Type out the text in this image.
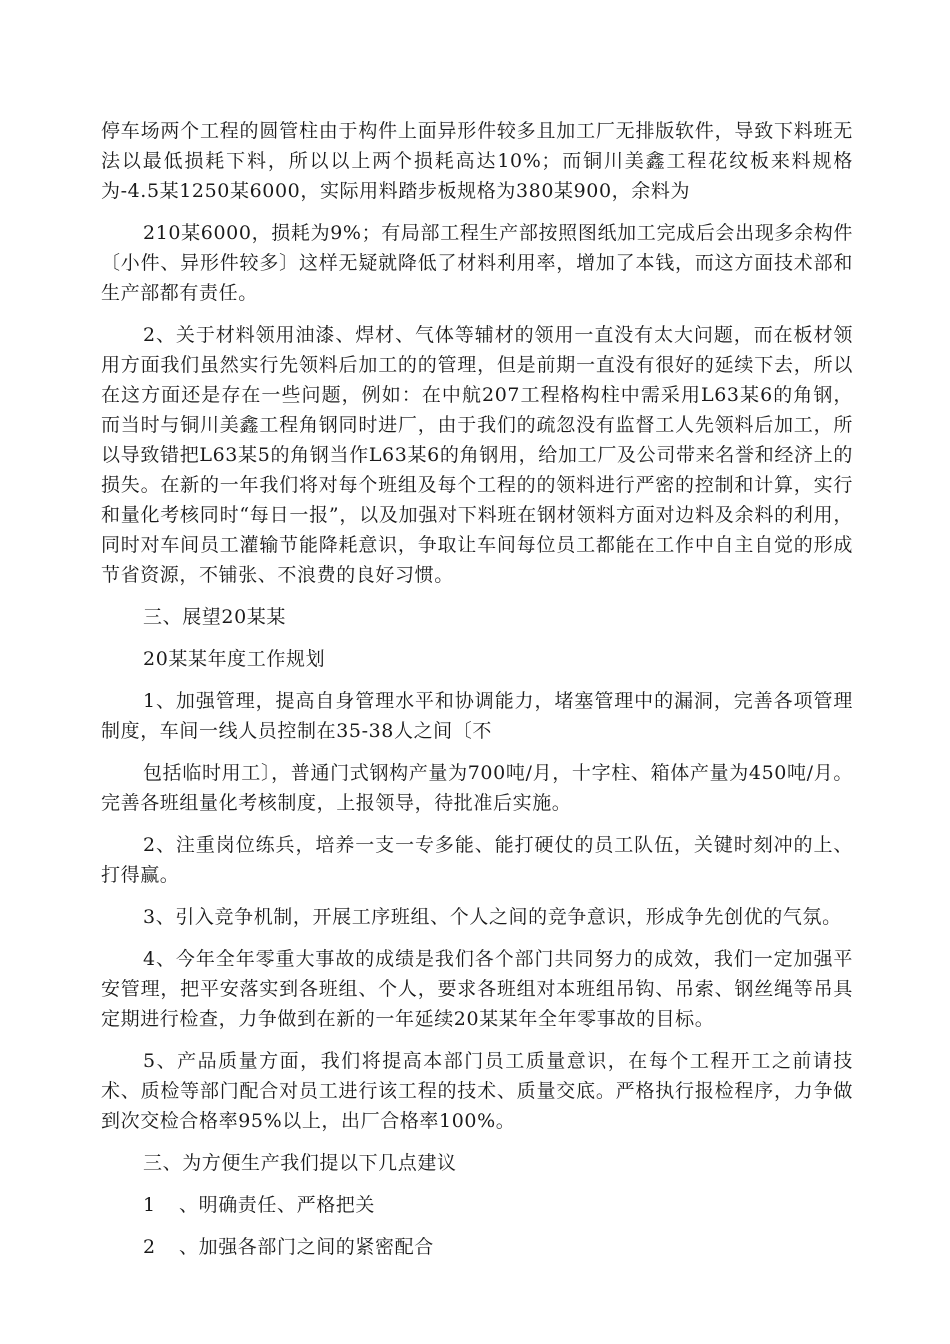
停车场两个工程的圆管柱由于构件上面异形件较多且加工厂无排版软件，导致下料班无法以最低损耗下料，所以以上两个损耗高达10%；而铜川美鑫工程花纹板来料规格为-4.5某1250某6000，实际用料踏步板规格为380某900，余料为

210某6000，损耗为9%；有局部工程生产部按照图纸加工完成后会出现多余构件〔小件、异形件较多〕这样无疑就降低了材料利用率，增加了本钱，而这方面技术部和生产部都有责任。

2、关于材料领用油漆、焊材、气体等辅材的领用一直没有太大问题，而在板材领用方面我们虽然实行先领料后加工的的管理，但是前期一直没有很好的延续下去，所以在这方面还是存在一些问题，例如：在中航207工程格构柱中需采用L63某6的角钢，而当时与铜川美鑫工程角钢同时进厂，由于我们的疏忽没有监督工人先领料后加工，所以导致错把L63某5的角钢当作L63某6的角钢用，给加工厂及公司带来名誉和经济上的损失。在新的一年我们将对每个班组及每个工程的的领料进行严密的控制和计算，实行和量化考核同时“每日一报”，以及加强对下料班在钢材领料方面对边料及余料的利用，同时对车间员工灌输节能降耗意识，争取让车间每位员工都能在工作中自主自觉的形成节省资源，不铺张、不浪费的良好习惯。

三、展望20某某

20某某年度工作规划

1、加强管理，提高自身管理水平和协调能力，堵塞管理中的漏洞，完善各项管理制度，车间一线人员控制在35-38人之间〔不

包括临时用工〕，普通门式钢构产量为700吨/月，十字柱、箱体产量为450吨/月。完善各班组量化考核制度，上报领导，待批准后实施。

2、注重岗位练兵，培养一支一专多能、能打硬仗的员工队伍，关键时刻冲的上、打得赢。

3、引入竞争机制，开展工序班组、个人之间的竞争意识，形成争先创优的气氛。

4、今年全年零重大事故的成绩是我们各个部门共同努力的成效，我们一定加强平安管理，把平安落实到各班组、个人，要求各班组对本班组吊钩、吊索、钢丝绳等吊具定期进行检查，力争做到在新的一年延续20某某年全年零事故的目标。

5、产品质量方面，我们将提高本部门员工质量意识，在每个工程开工之前请技术、质检等部门配合对员工进行该工程的技术、质量交底。严格执行报检程序，力争做到次交检合格率95%以上，出厂合格率100%。

三、为方便生产我们提以下几点建议

1 、明确责任、严格把关

2 、加强各部门之间的紧密配合
